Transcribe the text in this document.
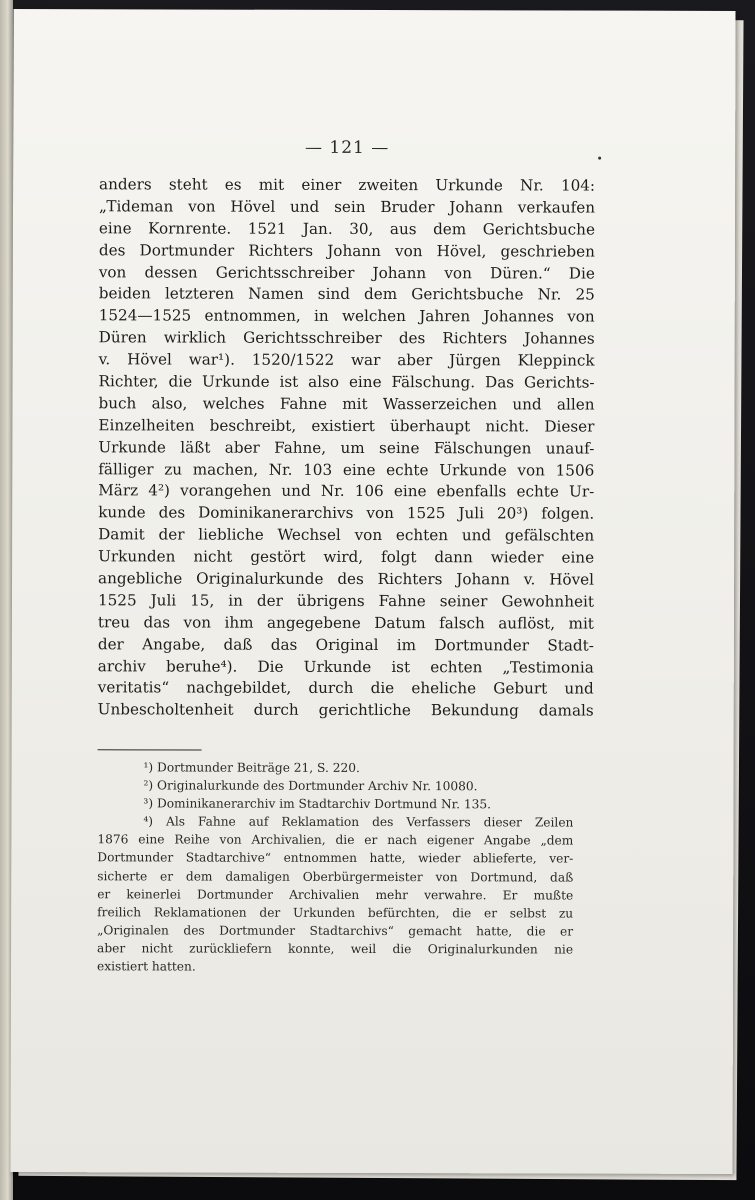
— 121 —
anders steht es mit einer zweiten Urkunde Nr. 104:
„Tideman von Hövel und sein Bruder Johann verkaufen
eine Kornrente. 1521 Jan. 30, aus dem Gerichtsbuche
des Dortmunder Richters Johann von Hövel, geschrieben
von dessen Gerichtsschreiber Johann von Düren.“ Die
beiden letzteren Namen sind dem Gerichtsbuche Nr. 25
1524—1525 entnommen, in welchen Jahren Johannes von
Düren wirklich Gerichtsschreiber des Richters Johannes
v. Hövel war¹). 1520/1522 war aber Jürgen Kleppinck
Richter, die Urkunde ist also eine Fälschung. Das Gerichts-
buch also, welches Fahne mit Wasserzeichen und allen
Einzelheiten beschreibt, existiert überhaupt nicht. Dieser
Urkunde läßt aber Fahne, um seine Fälschungen unauf-
fälliger zu machen, Nr. 103 eine echte Urkunde von 1506
März 4²) vorangehen und Nr. 106 eine ebenfalls echte Ur-
kunde des Dominikanerarchivs von 1525 Juli 20³) folgen.
Damit der liebliche Wechsel von echten und gefälschten
Urkunden nicht gestört wird, folgt dann wieder eine
angebliche Originalurkunde des Richters Johann v. Hövel
1525 Juli 15, in der übrigens Fahne seiner Gewohnheit
treu das von ihm angegebene Datum falsch auflöst, mit
der Angabe, daß das Original im Dortmunder Stadt-
archiv beruhe⁴). Die Urkunde ist echten „Testimonia
veritatis“ nachgebildet, durch die eheliche Geburt und
Unbescholtenheit durch gerichtliche Bekundung damals
¹) Dortmunder Beiträge 21, S. 220.
²) Originalurkunde des Dortmunder Archiv Nr. 10080.
³) Dominikanerarchiv im Stadtarchiv Dortmund Nr. 135.
⁴) Als Fahne auf Reklamation des Verfassers dieser Zeilen
1876 eine Reihe von Archivalien, die er nach eigener Angabe „dem
Dortmunder Stadtarchive“ entnommen hatte, wieder ablieferte, ver-
sicherte er dem damaligen Oberbürgermeister von Dortmund, daß
er keinerlei Dortmunder Archivalien mehr verwahre. Er mußte
freilich Reklamationen der Urkunden befürchten, die er selbst zu
„Originalen des Dortmunder Stadtarchivs“ gemacht hatte, die er
aber nicht zurückliefern konnte, weil die Originalurkunden nie
existiert hatten.
